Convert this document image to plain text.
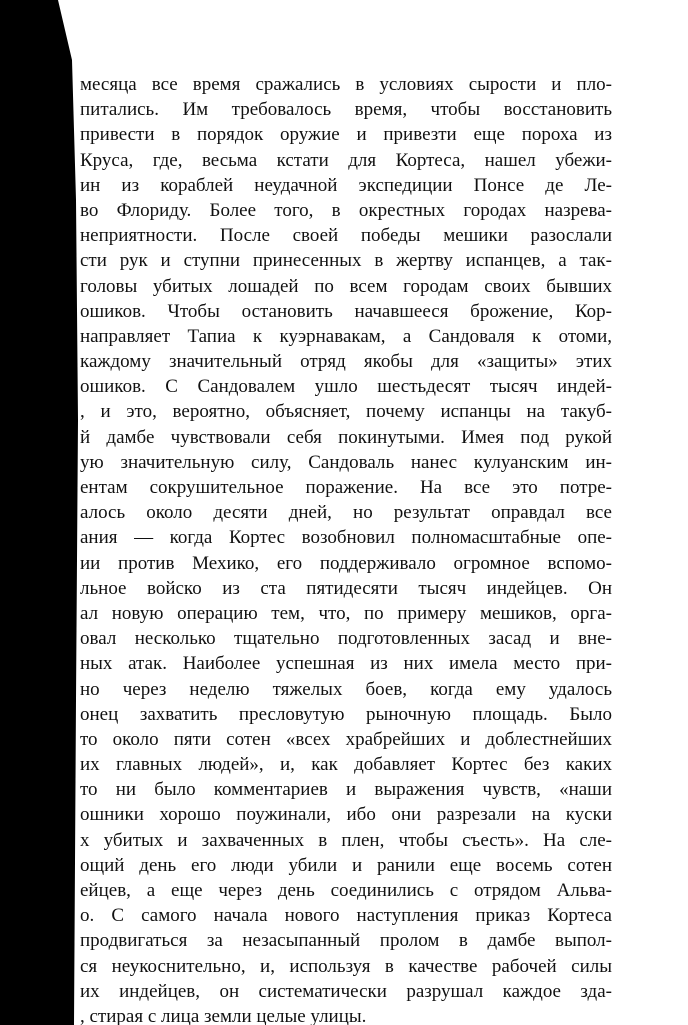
месяца все время сражались в условиях сырости и пло-
питались. Им требовалось время, чтобы восстановить
привести в порядок оружие и привезти еще пороха из
Круса, где, весьма кстати для Кортеса, нашел убежи-
ин из кораблей неудачной экспедиции Понсе де Ле-
во Флориду. Более того, в окрестных городах назрева-
неприятности. После своей победы мешики разослали
сти рук и ступни принесенных в жертву испанцев, а так-
головы убитых лошадей по всем городам своих бывших
ошиков. Чтобы остановить начавшееся брожение, Кор-
направляет Тапиа к куэрнавакам, а Сандоваля к отоми,
каждому значительный отряд якобы для «защиты» этих
ошиков. С Сандовалем ушло шестьдесят тысяч индей-
, и это, вероятно, объясняет, почему испанцы на такуб-
й дамбе чувствовали себя покинутыми. Имея под рукой
ую значительную силу, Сандоваль нанес кулуанским ин-
ентам сокрушительное поражение. На все это потре-
алось около десяти дней, но результат оправдал все
ания — когда Кортес возобновил полномасштабные опе-
ии против Мехико, его поддерживало огромное вспомо-
льное войско из ста пятидесяти тысяч индейцев. Он
ал новую операцию тем, что, по примеру мешиков, орга-
овал несколько тщательно подготовленных засад и вне-
ных атак. Наиболее успешная из них имела место при-
но через неделю тяжелых боев, когда ему удалось
онец захватить пресловутую рыночную площадь. Было
то около пяти сотен «всех храбрейших и доблестнейших
их главных людей», и, как добавляет Кортес без каких
то ни было комментариев и выражения чувств, «наши
ошники хорошо поужинали, ибо они разрезали на куски
х убитых и захваченных в плен, чтобы съесть». На сле-
ощий день его люди убили и ранили еще восемь сотен
ейцев, а еще через день соединились с отрядом Альва-
о. С самого начала нового наступления приказ Кортеса
продвигаться за незасыпанный пролом в дамбе выпол-
ся неукоснительно, и, используя в качестве рабочей силы
их индейцев, он систематически разрушал каждое зда-
, стирая с лица земли целые улицы.
